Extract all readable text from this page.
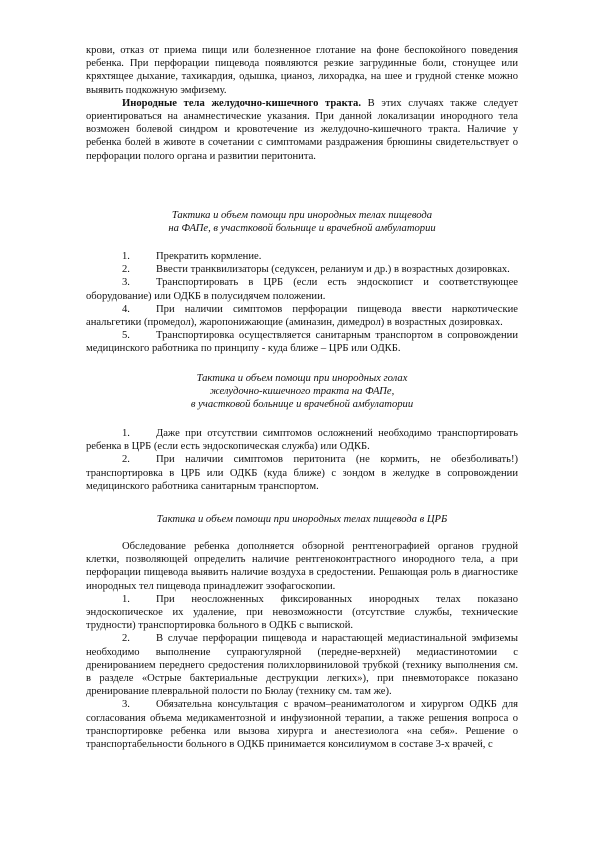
крови, отказ от приема пищи или болезненное глотание на фоне беспокойного поведения ребенка. При перфорации пищевода появляются резкие загрудинные боли, стонущее или кряхтящее дыхание, тахикардия, одышка, цианоз, лихорадка, на шее и грудной стенке можно выявить подкожную эмфизему.

Инородные тела желудочно-кишечного тракта. В этих случаях также следует ориентироваться на анамнестические указания. При данной локализации инородного тела возможен болевой синдром и кровотечение из желудочно-кишечного тракта. Наличие у ребенка болей в животе в сочетании с симптомами раздражения брюшины свидетельствует о перфорации полого органа и развитии перитонита.

Тактика и объем помощи при инородных телах пищевода

на ФАПе, в участковой больнице и врачебной амбулатории

1. Прекратить кормление.

2. Ввести транквилизаторы (седуксен, реланиум и др.) в возрастных дозировках.

3. Транспортировать в ЦРБ (если есть эндоскопист и соответствующее оборудование) или ОДКБ в полусидячем положении.

4. При наличии симптомов перфорации пищевода ввести наркотические анальгетики (промедол), жаропонижающие (аминазин, димедрол) в возрастных дозировках.

5. Транспортировка осуществляется санитарным транспортом в сопровождении медицинского работника по принципу - куда ближе – ЦРБ или ОДКБ.

Тактика и объем помощи при инородных голах

желудочно-кишечного тракта на ФАПе,

в участковой больнице и врачебной амбулатории

1. Даже при отсутствии симптомов осложнений необходимо транспортировать ребенка в ЦРБ (если есть эндоскопическая служба) или ОДКБ.

2. При наличии симптомов перитонита (не кормить, не обезболивать!) транспортировка в ЦРБ или ОДКБ (куда ближе) с зондом в желудке в сопровождении медицинского работника санитарным транспортом.

Тактика и объем помощи при инородных телах пищевода в ЦРБ

Обследование ребенка дополняется обзорной рентгенографией органов грудной клетки, позволяющей определить наличие рентгеноконтрастного инородного тела, а при перфорации пищевода выявить наличие воздуха в средостении. Решающая роль в диагностике инородных тел пищевода принадлежит эзофагоскопии.

1. При неосложненных фиксированных инородных телах показано эндоскопическое их удаление, при невозможности (отсутствие службы, технические трудности) транспортировка больного в ОДКБ с выпиской.

2. В случае перфорации пищевода и нарастающей медиастинальной эмфиземы необходимо выполнение супраюгулярной (передне-верхней) медиастинотомии с дренированием переднего средостения полихлорвиниловой трубкой (технику выполнения см. в разделе «Острые бактериальные деструкции легких»), при пневмотораксе показано дренирование плевральной полости по Бюлау (технику см. там же).

3. Обязательна консультация с врачом–реаниматологом и хирургом ОДКБ для согласования объема медикаментозной и инфузионной терапии, а также решения вопроса о транспортировке ребенка или вызова хирурга и анестезиолога «на себя». Решение о транспортабельности больного в ОДКБ принимается консилиумом в составе 3-х врачей, с
